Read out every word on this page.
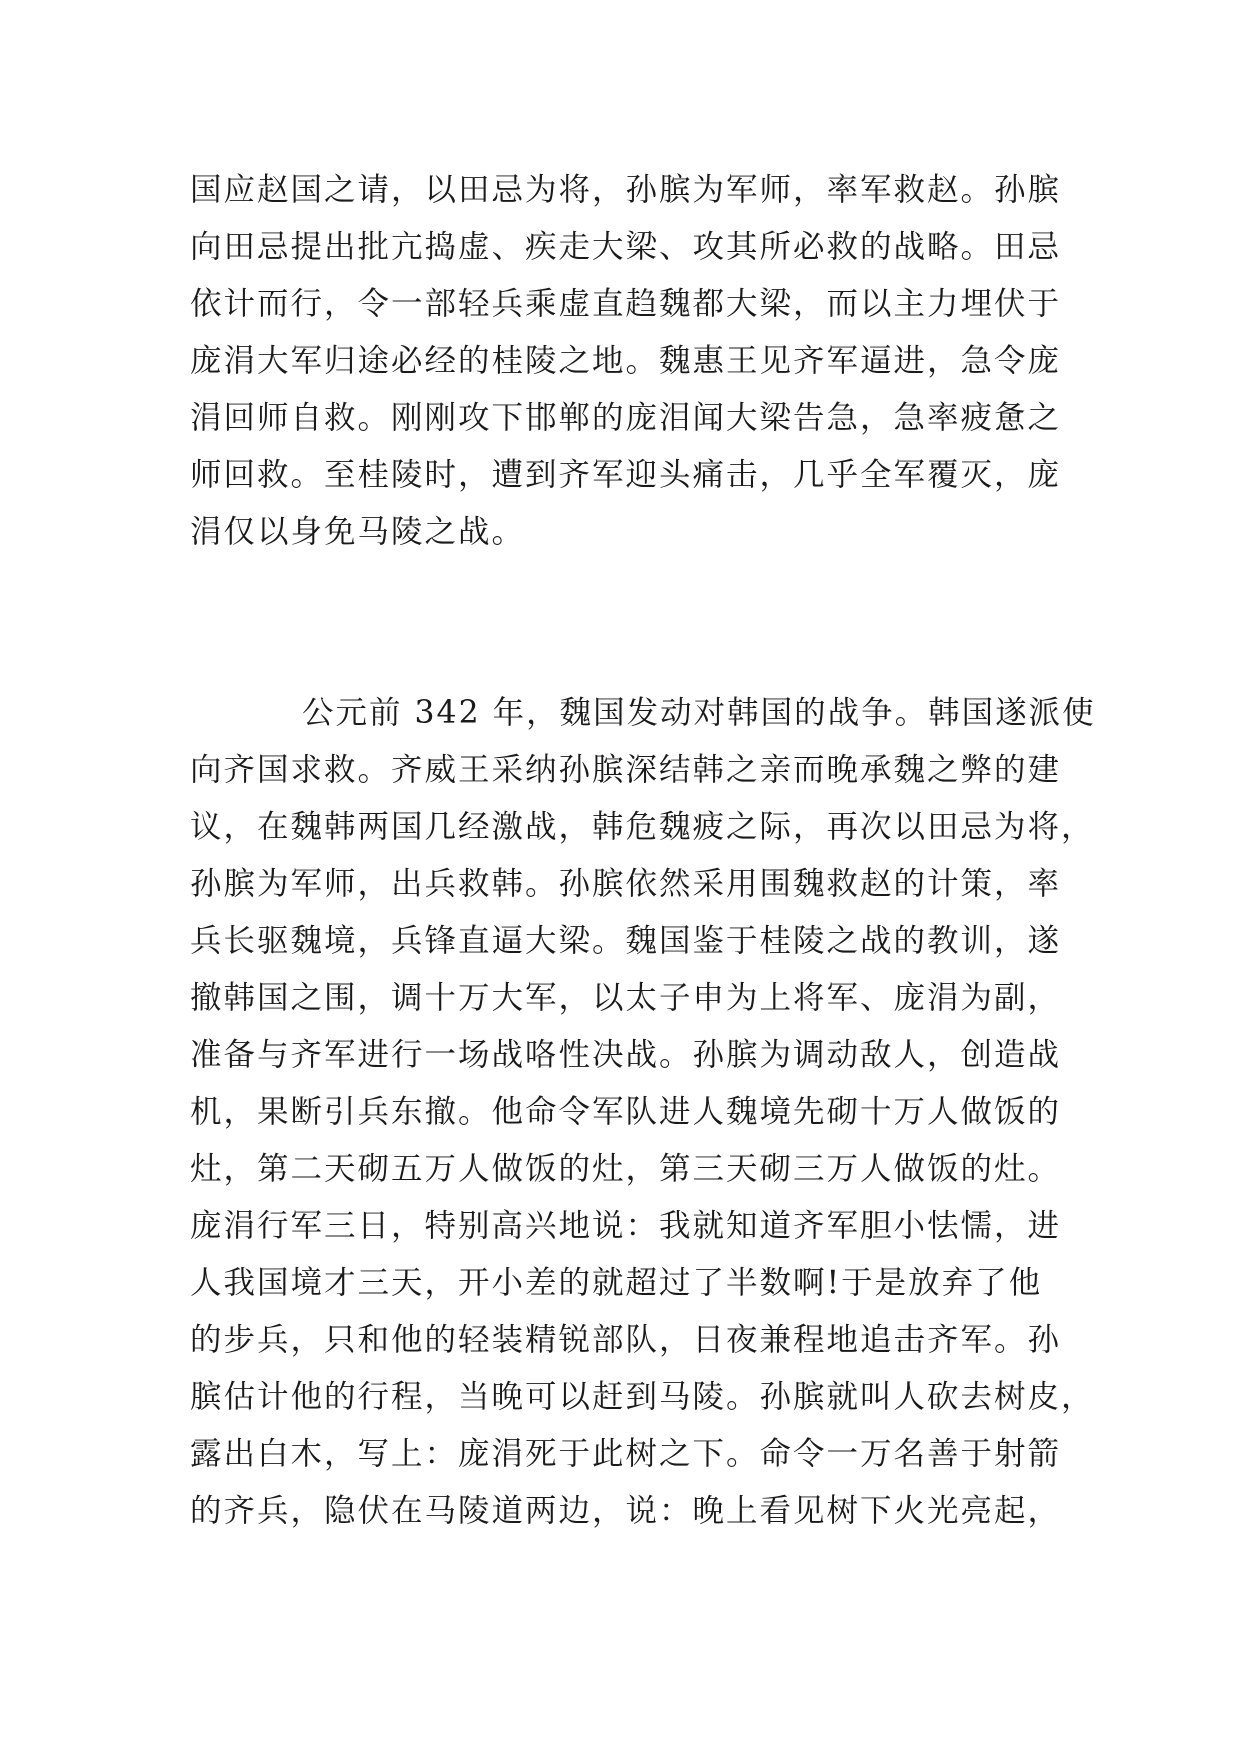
国应赵国之请，以田忌为将，孙膑为军师，率军救赵。孙膑
向田忌提出批亢捣虚、疾走大梁、攻其所必救的战略。田忌
依计而行，令一部轻兵乘虚直趋魏都大梁，而以主力埋伏于
庞涓大军归途必经的桂陵之地。魏惠王见齐军逼进，急令庞
涓回师自救。刚刚攻下邯郸的庞泪闻大梁告急，急率疲惫之
师回救。至桂陵时，遭到齐军迎头痛击，几乎全军覆灭，庞
涓仅以身免马陵之战。

公元前 342 年，魏国发动对韩国的战争。韩国遂派使
向齐国求救。齐威王采纳孙膑深结韩之亲而晚承魏之弊的建
议，在魏韩两国几经激战，韩危魏疲之际，再次以田忌为将，
孙膑为军师，出兵救韩。孙膑依然采用围魏救赵的计策，率
兵长驱魏境，兵锋直逼大梁。魏国鉴于桂陵之战的教训，遂
撤韩国之围，调十万大军，以太子申为上将军、庞涓为副，
准备与齐军进行一场战咯性决战。孙膑为调动敌人，创造战
机，果断引兵东撤。他命令军队进人魏境先砌十万人做饭的
灶，第二天砌五万人做饭的灶，第三天砌三万人做饭的灶。
庞涓行军三日，特别高兴地说：我就知道齐军胆小怯懦，进
人我国境才三天，开小差的就超过了半数啊!于是放弃了他
的步兵，只和他的轻装精锐部队，日夜兼程地追击齐军。孙
膑估计他的行程，当晚可以赶到马陵。孙膑就叫人砍去树皮，
露出白木，写上：庞涓死于此树之下。命令一万名善于射箭
的齐兵，隐伏在马陵道两边，说：晚上看见树下火光亮起，
